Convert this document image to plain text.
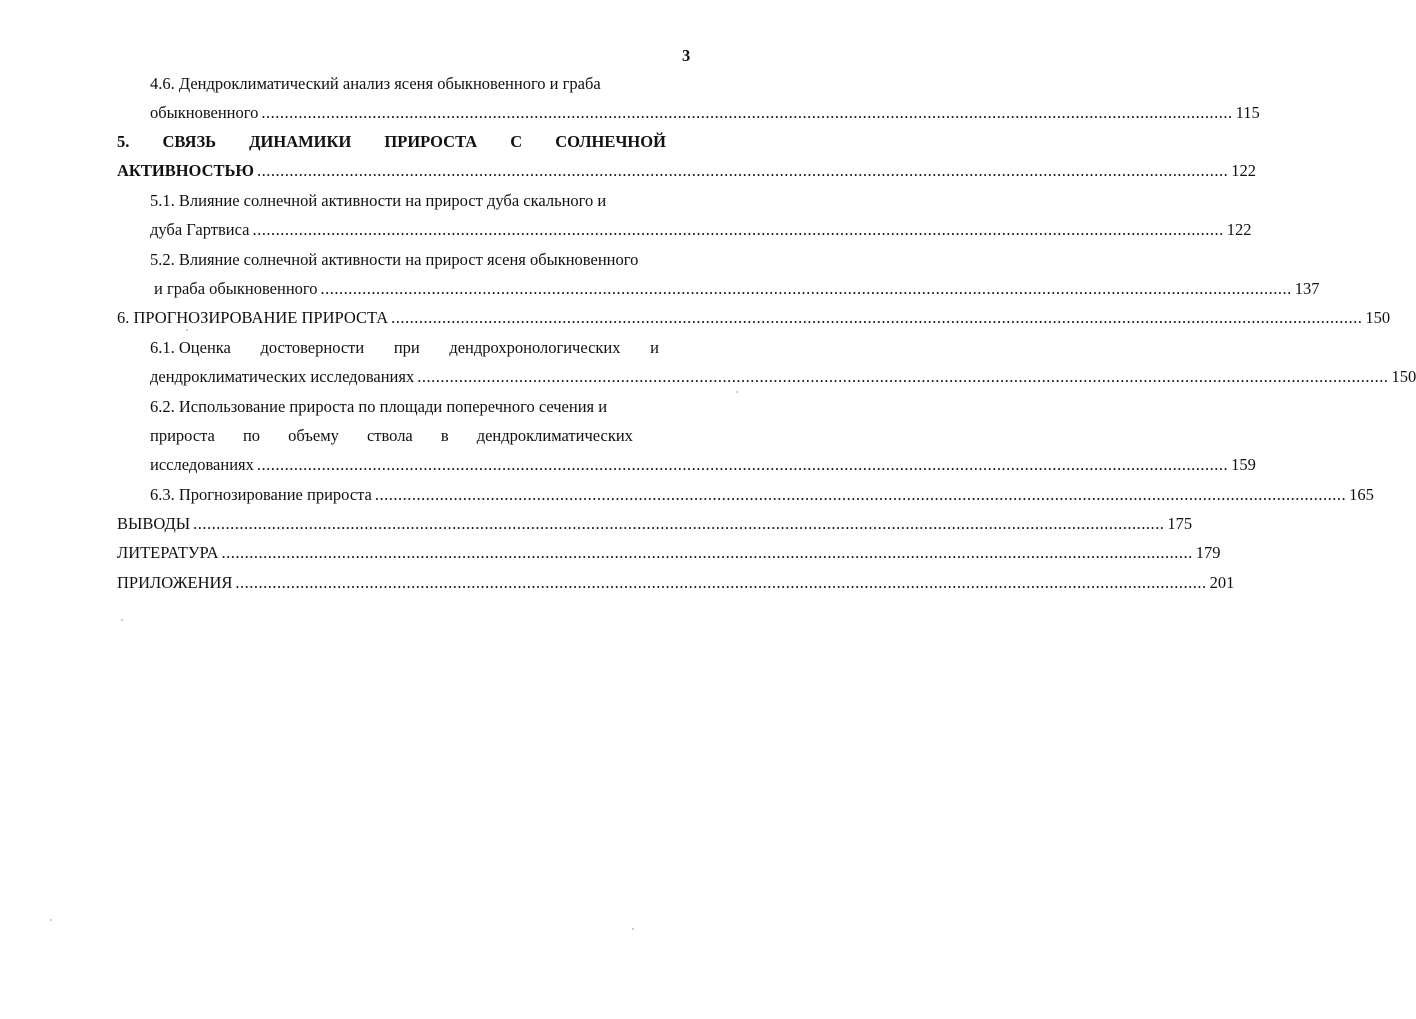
3
4.6. Дендроклиматический анализ ясеня обыкновенного и граба
обыкновенного .................................................................................................................................................................................................................. 115
5. СВЯЗЬ ДИНАМИКИ ПРИРОСТА С СОЛНЕЧНОЙ
АКТИВНОСТЬЮ .................................................................................................................................................................................................................. 122
5.1. Влияние солнечной активности на прирост дуба скального и
дуба Гартвиса .................................................................................................................................................................................................................. 122
5.2. Влияние солнечной активности на прирост ясеня обыкновенного
и граба обыкновенного .................................................................................................................................................................................................................. 137
6. ПРОГНОЗИРОВАНИЕ ПРИРОСТА .................................................................................................................................................................................................................. 150
6.1. Оценка достоверности при дендрохронологических и
дендроклиматических исследованиях .................................................................................................................................................................................................................. 150
6.2. Использование прироста по площади поперечного сечения и
прироста по объему ствола в дендроклиматических
исследованиях .................................................................................................................................................................................................................. 159
6.3. Прогнозирование прироста .................................................................................................................................................................................................................. 165
ВЫВОДЫ .................................................................................................................................................................................................................. 175
ЛИТЕРАТУРА .................................................................................................................................................................................................................. 179
ПРИЛОЖЕНИЯ .................................................................................................................................................................................................................. 201
